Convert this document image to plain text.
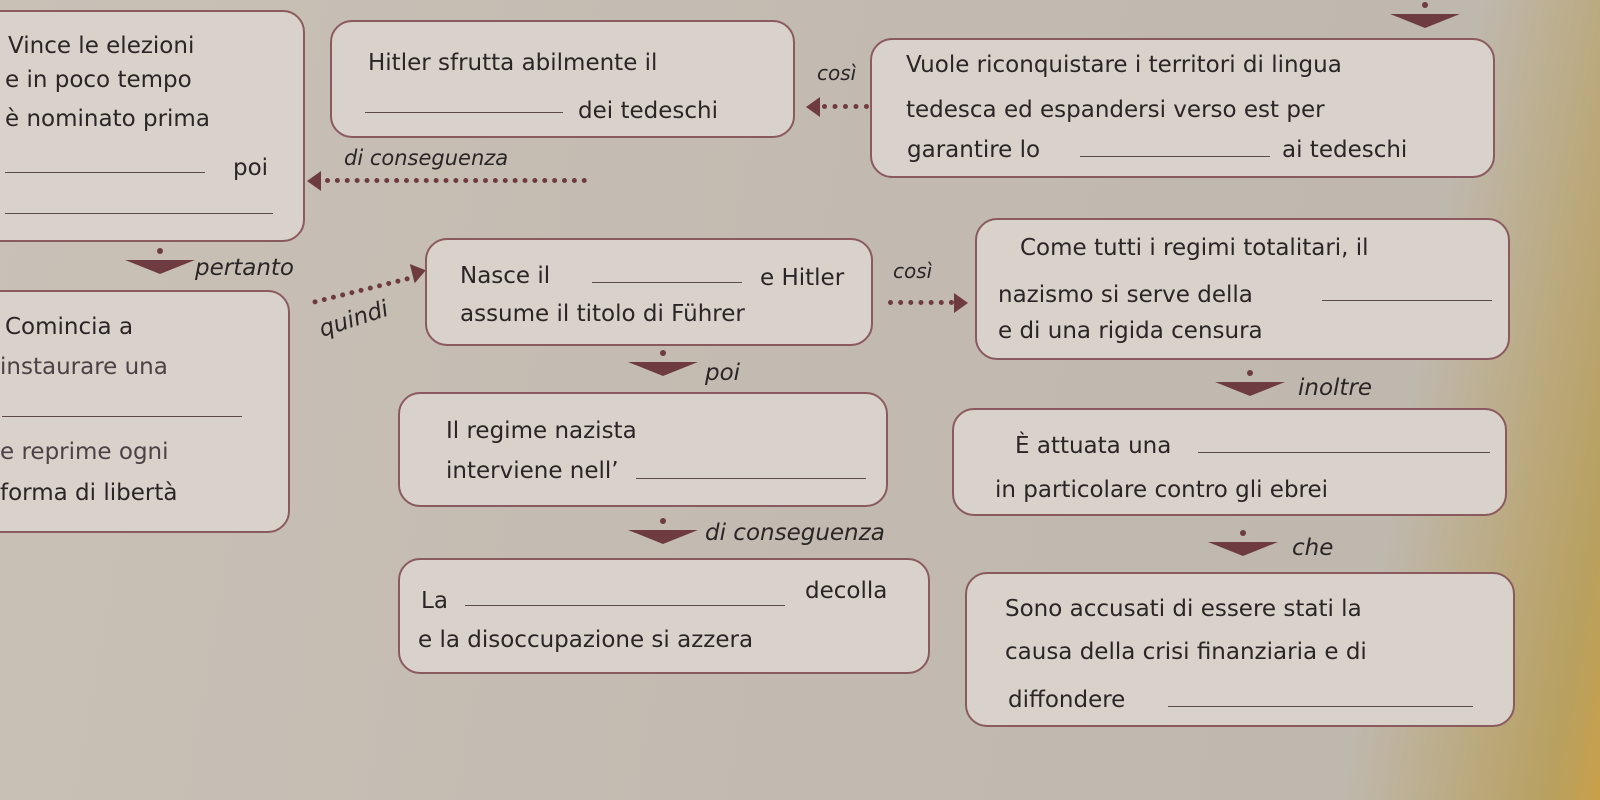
Vince le elezioni
e in poco tempo
è nominato prima
poi
Hitler sfrutta abilmente il
dei tedeschi
così Vuole riconquistare i territori di lingua
tedesca ed espandersi verso est per
garantire lo	ai tedeschi
di conseguenza
pertanto
Comincia a
instaurare una
e reprime ogni
forma di libertà
quindi
Nasce il	e Hitler
assume il titolo di Führer
così
Come tutti i regimi totalitari, il
nazismo si serve della
e di una rigida censura
poi
inoltre
Il regime nazista
interviene nell’
È attuata una
in particolare contro gli ebrei
di conseguenza
che
La	decolla
e la disoccupazione si azzera
Sono accusati di essere stati la
causa della crisi finanziaria e di
diffondere
